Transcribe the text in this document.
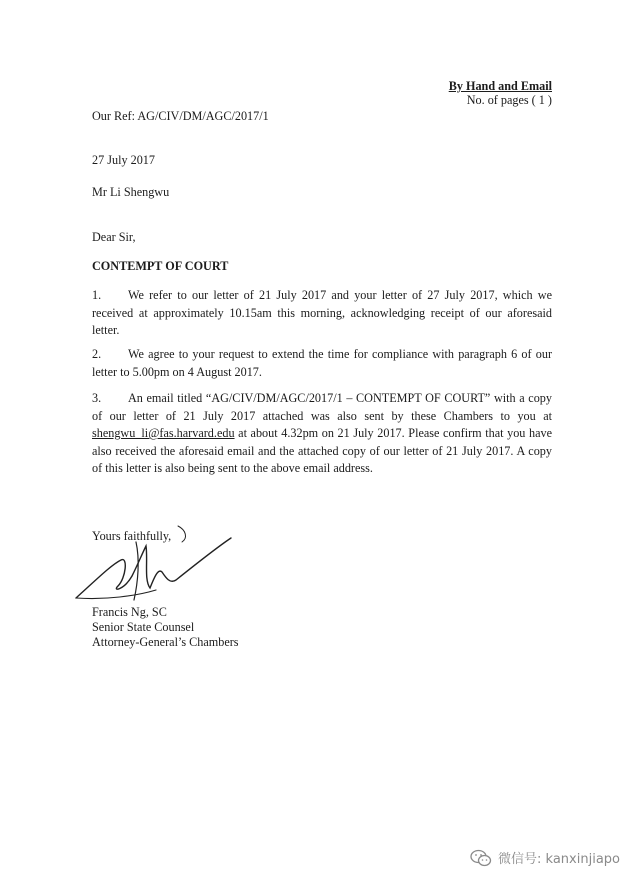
By Hand and Email
No. of pages ( 1 )
Our Ref: AG/CIV/DM/AGC/2017/1
27 July 2017
Mr Li Shengwu
Dear Sir,
CONTEMPT OF COURT
1. We refer to our letter of 21 July 2017 and your letter of 27 July 2017, which we received at approximately 10.15am this morning, acknowledging receipt of our aforesaid letter.
2. We agree to your request to extend the time for compliance with paragraph 6 of our letter to 5.00pm on 4 August 2017.
3. An email titled “AG/CIV/DM/AGC/2017/1 – CONTEMPT OF COURT” with a copy of our letter of 21 July 2017 attached was also sent by these Chambers to you at shengwu_li@fas.harvard.edu at about 4.32pm on 21 July 2017. Please confirm that you have also received the aforesaid email and the attached copy of our letter of 21 July 2017. A copy of this letter is also being sent to the above email address.
Yours faithfully,
Francis Ng, SC
Senior State Counsel
Attorney-General’s Chambers
微信号: kanxinjiapo
